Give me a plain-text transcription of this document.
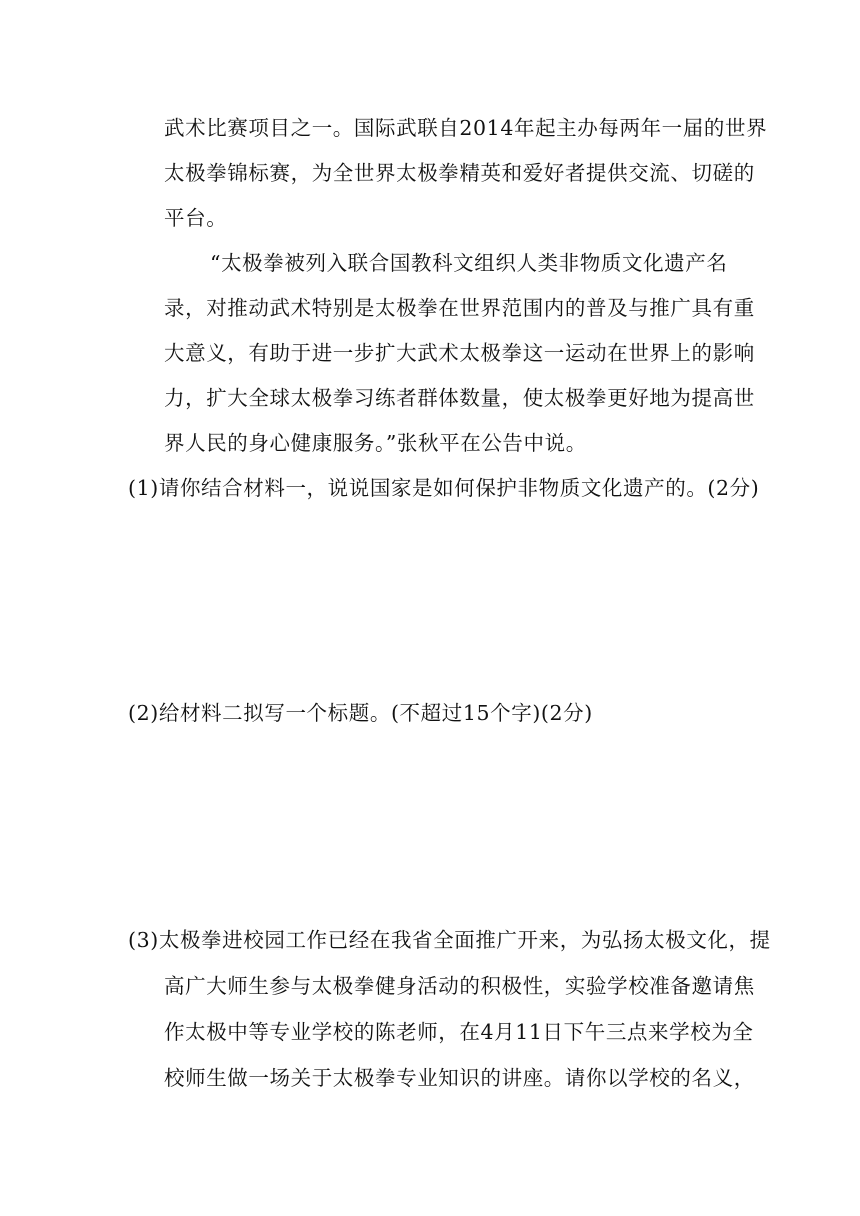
武术比赛项目之一。国际武联自2014年起主办每两年一届的世界
太极拳锦标赛，为全世界太极拳精英和爱好者提供交流、切磋的
平台。
“太极拳被列入联合国教科文组织人类非物质文化遗产名
录，对推动武术特别是太极拳在世界范围内的普及与推广具有重
大意义，有助于进一步扩大武术太极拳这一运动在世界上的影响
力，扩大全球太极拳习练者群体数量，使太极拳更好地为提高世
界人民的身心健康服务。”张秋平在公告中说。
(1)请你结合材料一，说说国家是如何保护非物质文化遗产的。(2分)
(2)给材料二拟写一个标题。(不超过15个字)(2分)
(3)太极拳进校园工作已经在我省全面推广开来，为弘扬太极文化，提
高广大师生参与太极拳健身活动的积极性，实验学校准备邀请焦
作太极中等专业学校的陈老师，在4月11日下午三点来学校为全
校师生做一场关于太极拳专业知识的讲座。请你以学校的名义，
